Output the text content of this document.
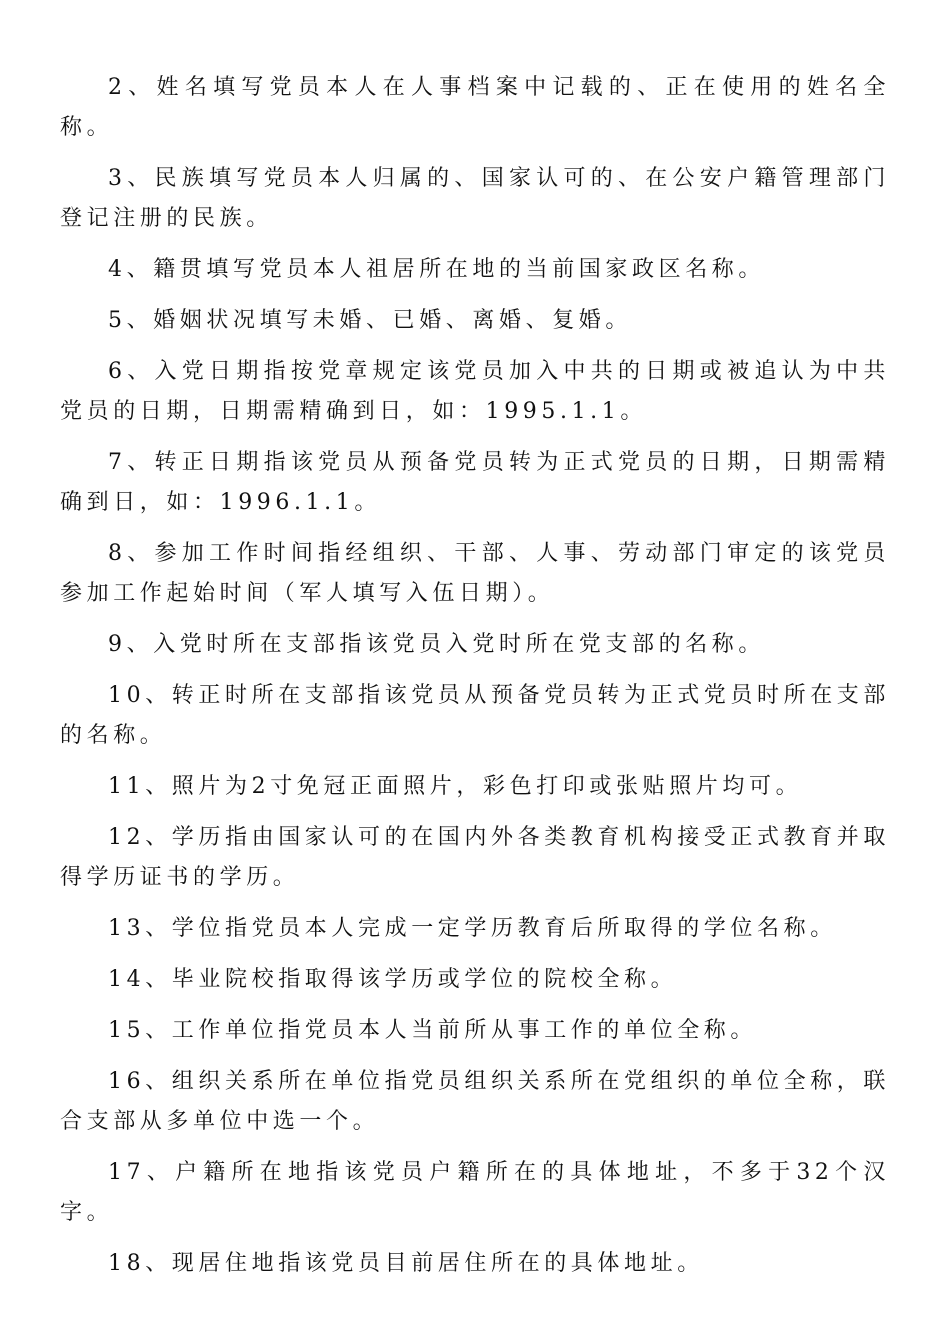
2、姓名填写党员本人在人事档案中记载的、正在使用的姓名全称。

3、民族填写党员本人归属的、国家认可的、在公安户籍管理部门登记注册的民族。

4、籍贯填写党员本人祖居所在地的当前国家政区名称。

5、婚姻状况填写未婚、已婚、离婚、复婚。

6、入党日期指按党章规定该党员加入中共的日期或被追认为中共党员的日期，日期需精确到日，如：1995.1.1。

7、转正日期指该党员从预备党员转为正式党员的日期，日期需精确到日，如：1996.1.1。

8、参加工作时间指经组织、干部、人事、劳动部门审定的该党员参加工作起始时间（军人填写入伍日期）。

9、入党时所在支部指该党员入党时所在党支部的名称。

10、转正时所在支部指该党员从预备党员转为正式党员时所在支部的名称。

11、照片为2寸免冠正面照片，彩色打印或张贴照片均可。

12、学历指由国家认可的在国内外各类教育机构接受正式教育并取得学历证书的学历。

13、学位指党员本人完成一定学历教育后所取得的学位名称。

14、毕业院校指取得该学历或学位的院校全称。

15、工作单位指党员本人当前所从事工作的单位全称。

16、组织关系所在单位指党员组织关系所在党组织的单位全称，联合支部从多单位中选一个。

17、户籍所在地指该党员户籍所在的具体地址，不多于32个汉字。

18、现居住地指该党员目前居住所在的具体地址。
